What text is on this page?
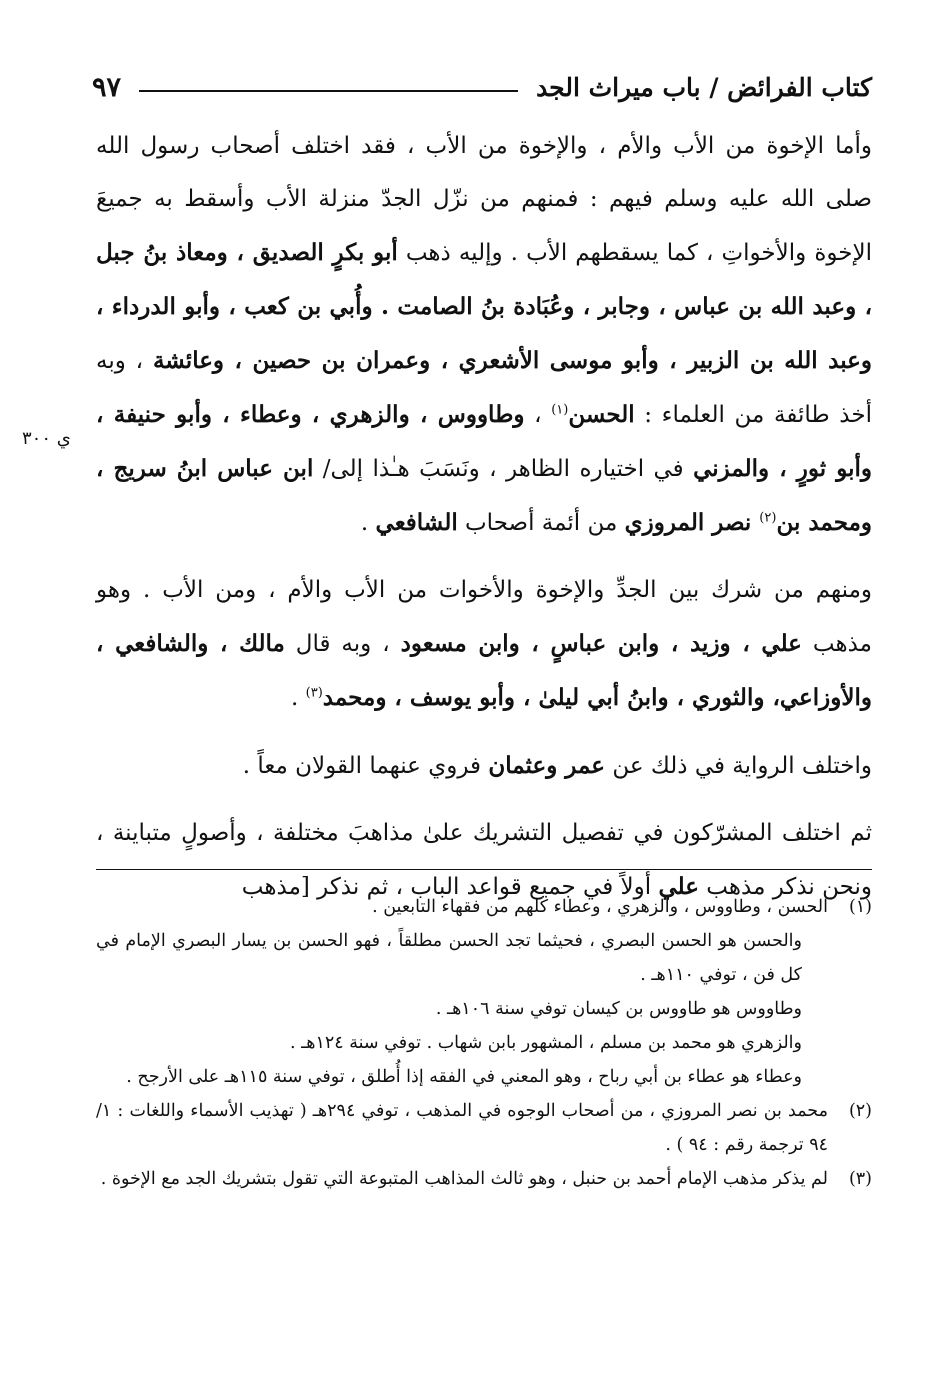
كتاب الفرائض / باب ميراث الجد
٩٧
ي ٣٠٠

وأما الإخوة من الأب والأم ، والإخوة من الأب ، فقد اختلف أصحاب رسول الله صلى الله عليه وسلم فيهم : فمنهم من نزّل الجدّ منزلة الأب وأسقط به جميعَ الإخوة والأخواتِ ، كما يسقطهم الأب . وإليه ذهب أبو بكرٍ الصديق ، ومعاذ بنُ جبل ، وعبد الله بن عباس ، وجابر ، وعُبَادة بنُ الصامت . وأُبي بن كعب ، وأبو الدرداء ، وعبد الله بن الزبير ، وأبو موسى الأشعري ، وعمران بن حصين ، وعائشة ، وبه أخذ طائفة من العلماء : الحسن$^{(١)}$ ، وطاووس ، والزهري ، وعطاء ، وأبو حنيفة ، وأبو ثورٍ ، والمزني في اختياره الظاهر ، ونَسَبَ هـٰذا إلى/ ابن عباس ابنُ سريج ، ومحمد بن$^{(٢)}$ نصر المروزي من أئمة أصحاب الشافعي .

ومنهم من شرك بين الجدِّ والإخوة والأخوات من الأب والأم ، ومن الأب . وهو مذهب علي ، وزيد ، وابن عباسٍ ، وابن مسعود ، وبه قال مالك ، والشافعي ، والأوزاعي، والثوري ، وابنُ أبي ليلىٰ ، وأبو يوسف ، ومحمد$^{(٣)}$ .

واختلف الرواية في ذلك عن عمر وعثمان فروي عنهما القولان معاً .

ثم اختلف المشرّكون في تفصيل التشريك علىٰ مذاهبَ مختلفة ، وأصولٍ متباينة ، ونحن نذكر مذهب علي أولاً في جميع قواعد الباب ، ثم نذكر [مذهب

(١)
الحسن ، وطاووس ، والزهري ، وعطاء كلهم من فقهاء التابعين .
والحسن هو الحسن البصري ، فحيثما تجد الحسن مطلقاً ، فهو الحسن بن يسار البصري الإمام في كل فن ، توفي ١١٠هـ .
وطاووس هو طاووس بن كيسان توفي سنة ١٠٦هـ .
والزهري هو محمد بن مسلم ، المشهور بابن شهاب . توفي سنة ١٢٤هـ .
وعطاء هو عطاء بن أبي رباح ، وهو المعني في الفقه إذا أُطلق ، توفي سنة ١١٥هـ على الأرجح .
(٢)
محمد بن نصر المروزي ، من أصحاب الوجوه في المذهب ، توفي ٢٩٤هـ ( تهذيب الأسماء واللغات : ١/ ٩٤ ترجمة رقم : ٩٤ ) .
(٣)
لم يذكر مذهب الإمام أحمد بن حنبل ، وهو ثالث المذاهب المتبوعة التي تقول بتشريك الجد مع الإخوة .
